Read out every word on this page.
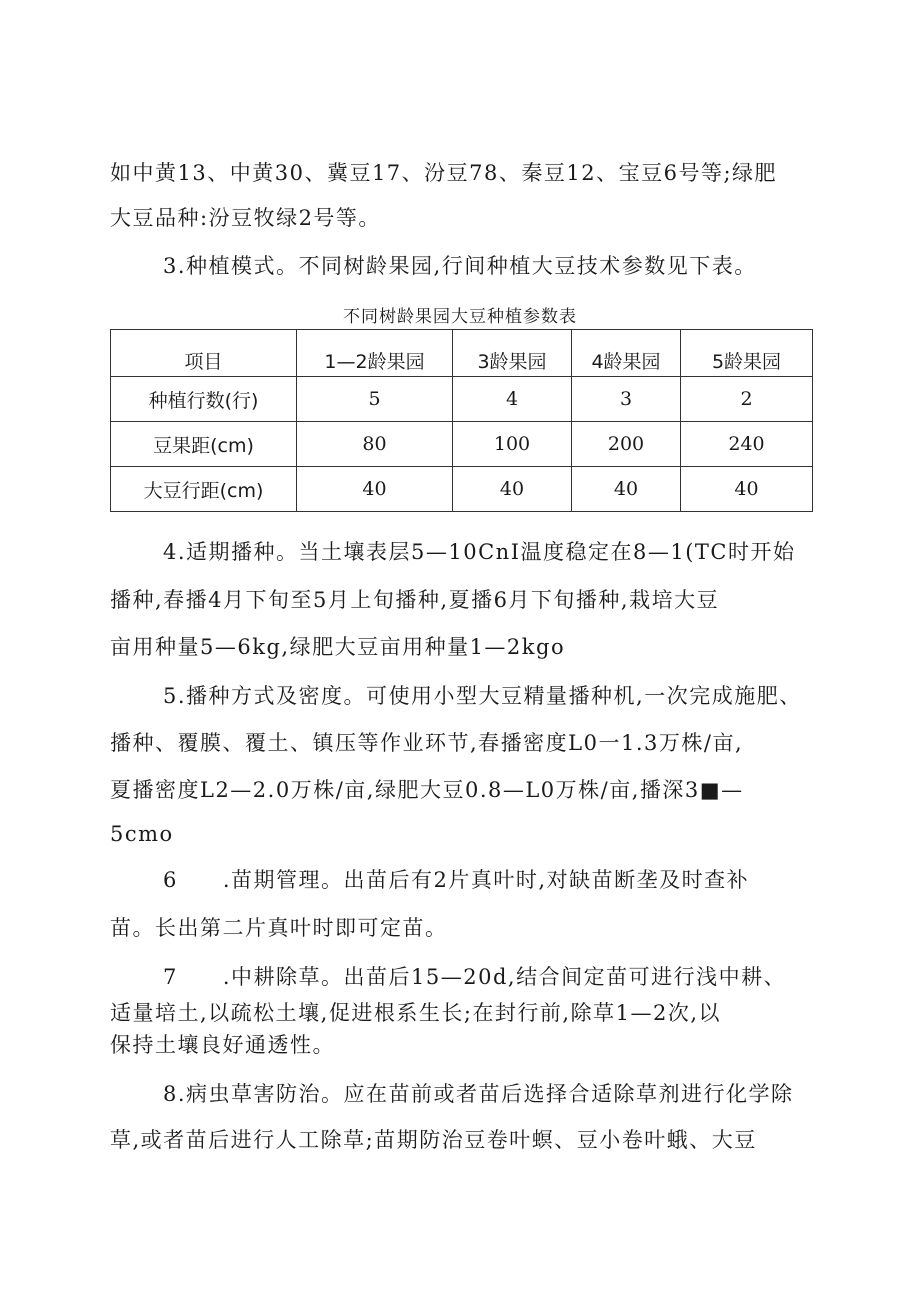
如中黄13、中黄30、冀豆17、汾豆78、秦豆12、宝豆6号等;绿肥

大豆品种:汾豆牧绿2号等。

3.种植模式。不同树龄果园,行间种植大豆技术参数见下表。

不同树龄果园大豆种植参数表

项目	1—2龄果园	3龄果园	4龄果园	5龄果园
种植行数(行)	5	4	3	2
豆果距(cm)	80	100	200	240
大豆行距(cm)	40	40	40	40

4.适期播种。当土壤表层5—10CnI温度稳定在8—1(TC时开始

播种,春播4月下旬至5月上旬播种,夏播6月下旬播种,栽培大豆

亩用种量5—6kg,绿肥大豆亩用种量1—2kgo

5.播种方式及密度。可使用小型大豆精量播种机,一次完成施肥、

播种、覆膜、覆土、镇压等作业环节,春播密度L0一1.3万株/亩,

夏播密度L2—2.0万株/亩,绿肥大豆0.8—L0万株/亩,播深3■—

5cmo

6　　.苗期管理。出苗后有2片真叶时,对缺苗断垄及时查补

苗。长出第二片真叶时即可定苗。

7　　.中耕除草。出苗后15—20d,结合间定苗可进行浅中耕、

适量培土,以疏松土壤,促进根系生长;在封行前,除草1—2次,以

保持土壤良好通透性。

8.病虫草害防治。应在苗前或者苗后选择合适除草剂进行化学除

草,或者苗后进行人工除草;苗期防治豆卷叶螟、豆小卷叶蛾、大豆
